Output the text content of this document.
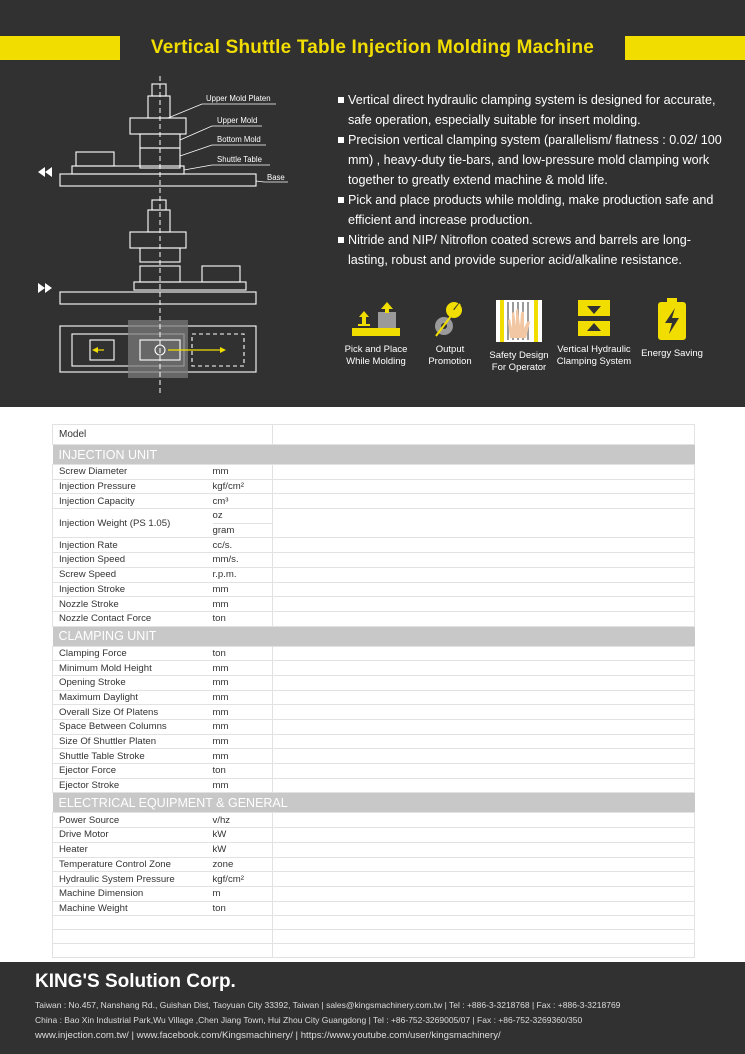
Vertical Shuttle Table Injection Molding Machine
Upper Mold Platen
Upper Mold
Bottom Mold
Shuttle Table
Base
Vertical direct hydraulic clamping system is designed for accurate, safe operation, especially suitable for insert molding.
Precision vertical clamping system (parallelism/ flatness : 0.02/ 100 mm) , heavy-duty tie-bars, and low-pressure mold clamping work together to greatly extend machine & mold life.
Pick and place products while molding, make production safe and efficient and increase production.
Nitride and NIP/ Nitroflon coated screws and barrels are long-lasting, robust and provide superior acid/alkaline resistance.
Pick and Place
While Molding
Output
Promotion	Safety Design
For Operator
Vertical Hydraulic
Clamping System
Energy Saving
Model		
INJECTION UNIT		
Screw Diameter	mm	
Injection Pressure	kgf/cm²	
Injection Capacity	cm³	
Injection Weight (PS 1.05)	oz	
	gram	
Injection Rate	cc/s.	
Injection Speed	mm/s.	
Screw Speed	r.p.m.	
Injection Stroke	mm	
Nozzle Stroke	mm	
Nozzle Contact Force	ton	
CLAMPING UNIT		
Clamping Force	ton	
Minimum Mold Height	mm	
Opening Stroke	mm	
Maximum Daylight	mm	
Overall Size Of Platens	mm	
Space Between Columns	mm	
Size Of Shuttler Platen	mm	
Shuttle Table Stroke	mm	
Ejector Force	ton	
Ejector Stroke	mm	
ELECTRICAL EQUIPMENT & GENERAL		
Power Source	v/hz	
Drive Motor	kW	
Heater	kW	
Temperature Control Zone	zone	
Hydraulic System Pressure	kgf/cm²	
Machine Dimension	m	
Machine Weight	ton	

KING'S Solution Corp.
Taiwan : No.457, Nanshang Rd., Guishan Dist, Taoyuan City 33392, Taiwan | sales@kingsmachinery.com.tw | Tel : +886-3-3218768 | Fax : +886-3-3218769
China : Bao Xin Industrial Park,Wu Village ,Chen Jiang Town, Hui Zhou City Guangdong | Tel : +86-752-3269005/07 | Fax : +86-752-3269360/350
www.injection.com.tw/ | www.facebook.com/Kingsmachinery/ | https://www.youtube.com/user/kingsmachinery/
